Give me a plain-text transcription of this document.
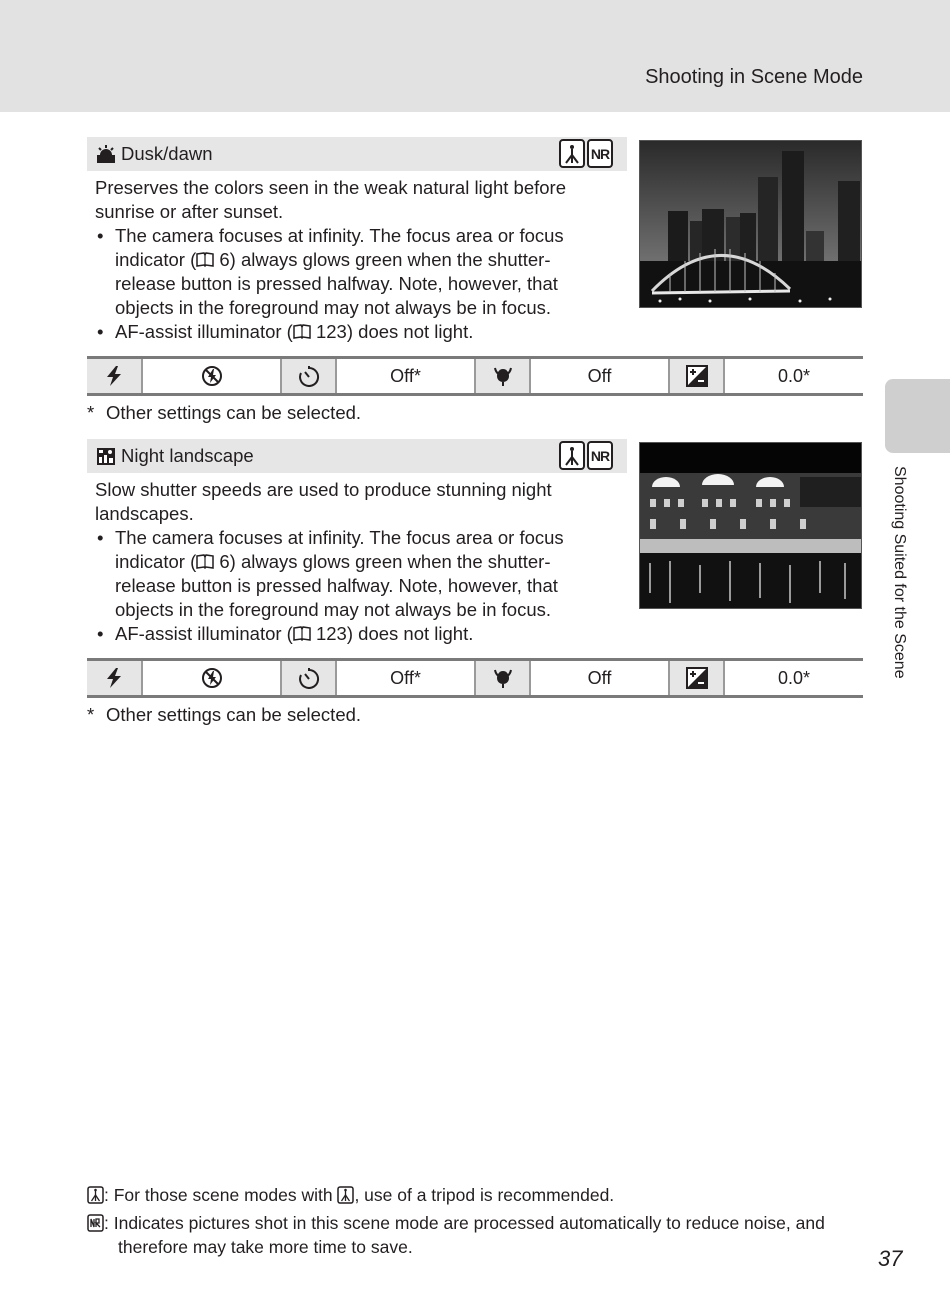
Shooting in Scene Mode
Shooting Suited for the Scene
Dusk/dawn	NR

Preserves the colors seen in the weak natural light before sunrise or after sunset.

• The camera focuses at infinity. The focus area or focus indicator ( 6) always glows green when the shutter-release button is pressed halfway. Note, however, that objects in the foreground may not always be in focus.
• AF-assist illuminator ( 123) does not light.

	Off*		Off		0.0*
* Other settings can be selected.
Night landscape	NR

Slow shutter speeds are used to produce stunning night landscapes.

• The camera focuses at infinity. The focus area or focus indicator ( 6) always glows green when the shutter-release button is pressed halfway. Note, however, that objects in the foreground may not always be in focus.
• AF-assist illuminator ( 123) does not light.

	Off*		Off		0.0*
* Other settings can be selected.
: For those scene modes with , use of a tripod is recommended.
: Indicates pictures shot in this scene mode are processed automatically to reduce noise, and therefore may take more time to save.	37
